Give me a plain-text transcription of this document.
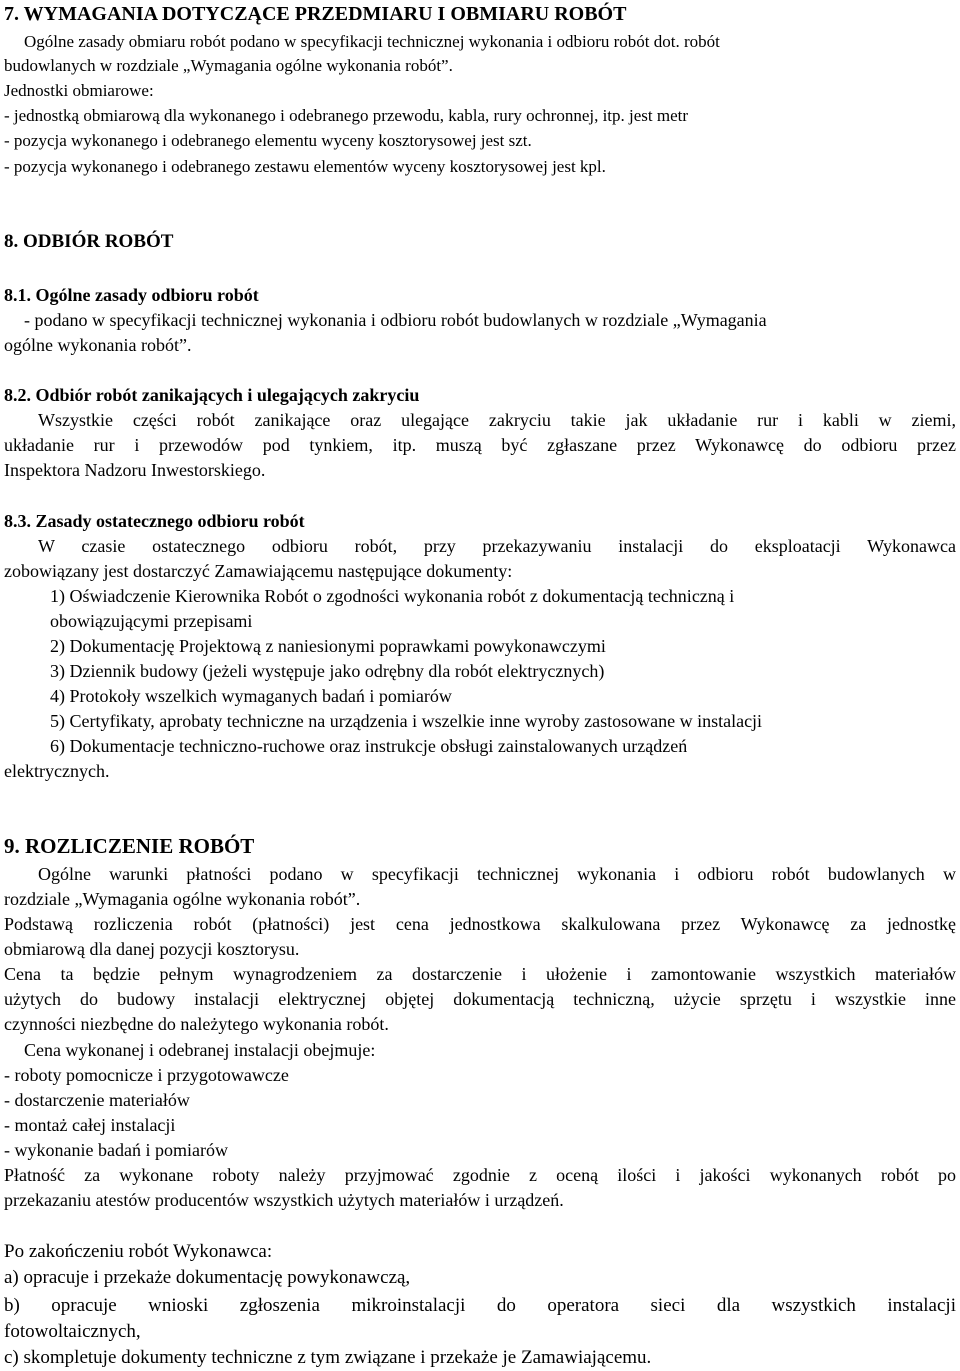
7. WYMAGANIA DOTYCZĄCE PRZEDMIARU I OBMIARU ROBÓT
Ogólne zasady obmiaru robót podano w specyfikacji technicznej wykonania i odbioru robót dot. robót
budowlanych w rozdziale „Wymagania ogólne wykonania robót”.
Jednostki obmiarowe:
- jednostką obmiarową dla wykonanego i odebranego przewodu, kabla, rury ochronnej, itp. jest metr
- pozycja wykonanego i odebranego elementu wyceny kosztorysowej jest szt.
- pozycja wykonanego i odebranego zestawu elementów wyceny kosztorysowej jest kpl.
8. ODBIÓR ROBÓT
8.1. Ogólne zasady odbioru robót
- podano w specyfikacji technicznej wykonania i odbioru robót budowlanych w rozdziale „Wymagania
ogólne wykonania robót”.
8.2. Odbiór robót zanikających i ulegających zakryciu
Wszystkie części robót zanikające oraz ulegające zakryciu takie jak układanie rur i kabli w ziemi,
układanie rur i przewodów pod tynkiem, itp. muszą być zgłaszane przez Wykonawcę do odbioru przez
Inspektora Nadzoru Inwestorskiego.
8.3. Zasady ostatecznego odbioru robót
W czasie ostatecznego odbioru robót, przy przekazywaniu instalacji do eksploatacji Wykonawca
zobowiązany jest dostarczyć Zamawiającemu następujące dokumenty:
1) Oświadczenie Kierownika Robót o zgodności wykonania robót z dokumentacją techniczną i
obowiązującymi przepisami
2) Dokumentację Projektową z naniesionymi poprawkami powykonawczymi
3) Dziennik budowy (jeżeli występuje jako odrębny dla robót elektrycznych)
4) Protokoły wszelkich wymaganych badań i pomiarów
5) Certyfikaty, aprobaty techniczne na urządzenia i wszelkie inne wyroby zastosowane w instalacji
6) Dokumentacje techniczno-ruchowe oraz instrukcje obsługi zainstalowanych urządzeń
elektrycznych.
9. ROZLICZENIE ROBÓT
Ogólne warunki płatności podano w specyfikacji technicznej wykonania i odbioru robót budowlanych w
rozdziale „Wymagania ogólne wykonania robót”.
Podstawą rozliczenia robót (płatności) jest cena jednostkowa skalkulowana przez Wykonawcę za jednostkę
obmiarową dla danej pozycji kosztorysu.
Cena ta będzie pełnym wynagrodzeniem za dostarczenie i ułożenie i zamontowanie wszystkich materiałów
użytych do budowy instalacji elektrycznej objętej dokumentacją techniczną, użycie sprzętu i wszystkie inne
czynności niezbędne do należytego wykonania robót.
Cena wykonanej i odebranej instalacji obejmuje:
- roboty pomocnicze i przygotowawcze
- dostarczenie materiałów
- montaż całej instalacji
- wykonanie badań i pomiarów
Płatność za wykonane roboty należy przyjmować zgodnie z oceną ilości i jakości wykonanych robót po
przekazaniu atestów producentów wszystkich użytych materiałów i urządzeń.
Po zakończeniu robót Wykonawca:
a) opracuje i przekaże dokumentację powykonawczą,
b) opracuje wnioski zgłoszenia mikroinstalacji do operatora sieci dla wszystkich instalacji
fotowoltaicznych,
c) skompletuje dokumenty techniczne z tym związane i przekaże je Zamawiającemu.
